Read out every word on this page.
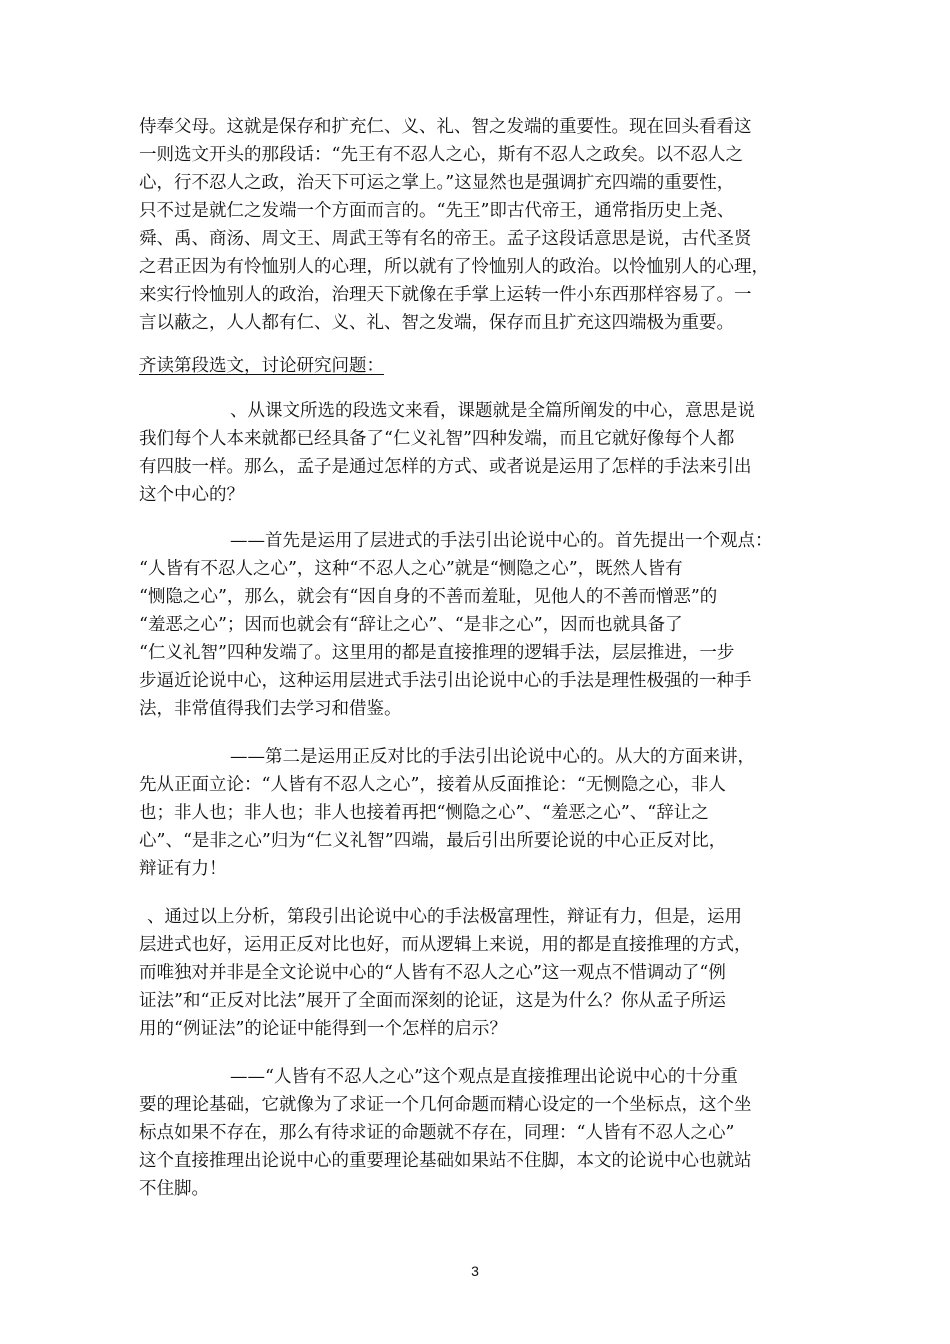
侍奉父母。这就是保存和扩充仁、义、礼、智之发端的重要性。现在回头看看这
一则选文开头的那段话：“先王有不忍人之心，斯有不忍人之政矣。以不忍人之
心，行不忍人之政，治天下可运之掌上。”这显然也是强调扩充四端的重要性，
只不过是就仁之发端一个方面而言的。“先王”即古代帝王，通常指历史上尧、
舜、禹、商汤、周文王、周武王等有名的帝王。孟子这段话意思是说，古代圣贤
之君正因为有怜恤别人的心理，所以就有了怜恤别人的政治。以怜恤别人的心理，
来实行怜恤别人的政治，治理天下就像在手掌上运转一件小东西那样容易了。一
言以蔽之，人人都有仁、义、礼、智之发端，保存而且扩充这四端极为重要。
齐读第段选文，讨论研究问题：
、从课文所选的段选文来看，课题就是全篇所阐发的中心，意思是说
我们每个人本来就都已经具备了“仁义礼智”四种发端，而且它就好像每个人都
有四肢一样。那么，孟子是通过怎样的方式、或者说是运用了怎样的手法来引出
这个中心的？
——首先是运用了层进式的手法引出论说中心的。首先提出一个观点：
“人皆有不忍人之心”，这种“不忍人之心”就是“恻隐之心”，既然人皆有
“恻隐之心”，那么，就会有“因自身的不善而羞耻，见他人的不善而憎恶”的
“羞恶之心”；因而也就会有“辞让之心”、“是非之心”，因而也就具备了
“仁义礼智”四种发端了。这里用的都是直接推理的逻辑手法，层层推进，一步
步逼近论说中心，这种运用层进式手法引出论说中心的手法是理性极强的一种手
法，非常值得我们去学习和借鉴。
——第二是运用正反对比的手法引出论说中心的。从大的方面来讲，
先从正面立论：“人皆有不忍人之心”，接着从反面推论：“无恻隐之心，非人
也；非人也；非人也；非人也接着再把“恻隐之心”、“羞恶之心”、“辞让之
心”、“是非之心”归为“仁义礼智”四端，最后引出所要论说的中心正反对比，
辩证有力！
、通过以上分析，第段引出论说中心的手法极富理性，辩证有力，但是，运用
层进式也好，运用正反对比也好，而从逻辑上来说，用的都是直接推理的方式，
而唯独对并非是全文论说中心的“人皆有不忍人之心”这一观点不惜调动了“例
证法”和“正反对比法”展开了全面而深刻的论证，这是为什么？你从孟子所运
用的“例证法”的论证中能得到一个怎样的启示？
——“人皆有不忍人之心”这个观点是直接推理出论说中心的十分重
要的理论基础，它就像为了求证一个几何命题而精心设定的一个坐标点，这个坐
标点如果不存在，那么有待求证的命题就不存在，同理：“人皆有不忍人之心”
这个直接推理出论说中心的重要理论基础如果站不住脚，本文的论说中心也就站
不住脚。
3
